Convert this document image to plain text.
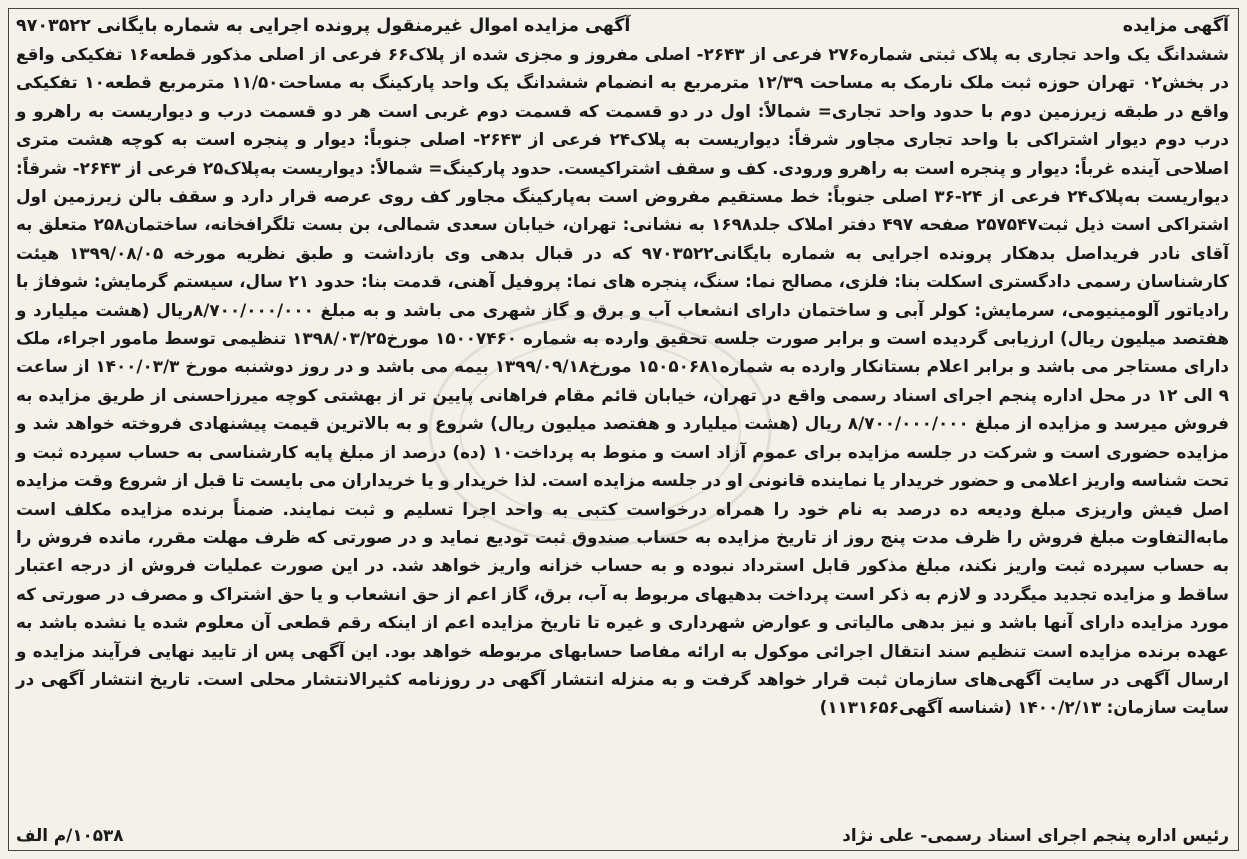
آگهی مزایده
آگهی مزایده اموال غیرمنقول پرونده اجرایی به شماره بایگانی ۹۷۰۳۵۲۲

ششدانگ یک واحد تجاری به پلاک ثبتی شماره۲۷۶ فرعی از ۲۶۴۳- اصلی مفروز و مجزی شده از پلاک۶۶ فرعی از اصلی مذکور قطعه۱۶ تفکیکی واقع در بخش۰۲ تهران حوزه ثبت ملک نارمک به مساحت ۱۲/۳۹ مترمربع به انضمام ششدانگ یک واحد پارکینگ به مساحت۱۱/۵۰ مترمربع قطعه۱۰ تفکیکی واقع در طبقه زیرزمین دوم با حدود واحد تجاری= شمالاً: اول در دو قسمت که قسمت دوم غربی است هر دو قسمت درب و دیواریست به راهرو و درب دوم دیوار اشتراکی با واحد تجاری مجاور شرقاً: دیواریست به پلاک۲۴ فرعی از ۲۶۴۳- اصلی جنوباً: دیوار و پنجره است به کوچه هشت متری اصلاحی آینده غرباً: دیوار و پنجره است به راهرو ورودی. کف و سقف اشتراکیست. حدود پارکینگ= شمالاً: دیواریست به‌پلاک۲۵ فرعی از ۲۶۴۳- شرقاً: دیواریست به‌پلاک۲۴ فرعی از ۲۴-۳۶ اصلی جنوباً: خط مستقیم مفروض است به‌پارکینگ مجاور کف روی عرصه قرار دارد و سقف بالن زیرزمین اول اشتراکی است ذیل ثبت۲۵۷۵۴۷ صفحه ۴۹۷ دفتر املاک جلد۱۶۹۸ به نشانی: تهران، خیابان سعدی شمالی، بن بست تلگرافخانه، ساختمان۲۵۸ متعلق به آقای نادر فریداصل بدهکار پرونده اجرایی به شماره بایگانی۹۷۰۳۵۲۲ که در قبال بدهی وی بازداشت و طبق نظریه مورخه ۱۳۹۹/۰۸/۰۵ هیئت کارشناسان رسمی دادگستری اسکلت بنا: فلزی، مصالح نما: سنگ، پنجره های نما: پروفیل آهنی، قدمت بنا: حدود ۲۱ سال، سیستم گرمایش: شوفاژ با رادیاتور آلومینیومی، سرمایش: کولر آبی و ساختمان دارای انشعاب آب و برق و گاز شهری می باشد و به مبلغ ۸/۷۰۰/۰۰۰/۰۰۰ریال (هشت میلیارد و هفتصد میلیون ریال) ارزیابی گردیده است و برابر صورت جلسه تحقیق وارده به شماره ۱۵۰۰۷۴۶۰ مورخ۱۳۹۸/۰۳/۲۵ تنظیمی توسط مامور اجراء، ملک دارای مستاجر می باشد و برابر اعلام بستانکار وارده به شماره۱۵۰۵۰۶۸۱ مورخ۱۳۹۹/۰۹/۱۸ بیمه می باشد و در روز دوشنبه مورخ ۱۴۰۰/۰۳/۳ از ساعت ۹ الی ۱۲ در محل اداره پنجم اجرای اسناد رسمی واقع در تهران، خیابان قائم مقام فراهانی پایین تر از بهشتی کوچه میرزاحسنی از طریق مزایده به فروش میرسد و مزایده از مبلغ ۸/۷۰۰/۰۰۰/۰۰۰ ریال (هشت میلیارد و هفتصد میلیون ریال) شروع و به بالاترین قیمت پیشنهادی فروخته خواهد شد و مزایده حضوری است و شرکت در جلسه مزایده برای عموم آزاد است و منوط به پرداخت۱۰ (ده) درصد از مبلغ پایه کارشناسی به حساب سپرده ثبت و تحت شناسه واریز اعلامی و حضور خریدار یا نماینده قانونی او در جلسه مزایده است. لذا خریدار و یا خریداران می بایست تا قبل از شروع وقت مزایده اصل فیش واریزی مبلغ ودیعه ده درصد به نام خود را همراه درخواست کتبی به واحد اجرا تسلیم و ثبت نمایند. ضمناً برنده مزایده مکلف است مابه‌التفاوت مبلغ فروش را ظرف مدت پنج روز از تاریخ مزایده به حساب صندوق ثبت تودیع نماید و در صورتی که ظرف مهلت مقرر، مانده فروش را به حساب سپرده ثبت واریز نکند، مبلغ مذکور قابل استرداد نبوده و به حساب خزانه واریز خواهد شد. در این صورت عملیات فروش از درجه اعتبار ساقط و مزایده تجدید میگردد و لازم به ذکر است پرداخت بدهیهای مربوط به آب، برق، گاز اعم از حق انشعاب و یا حق اشتراک و مصرف در صورتی که مورد مزایده دارای آنها باشد و نیز بدهی مالیاتی و عوارض شهرداری و غیره تا تاریخ مزایده اعم از اینکه رقم قطعی آن معلوم شده یا نشده باشد به عهده برنده مزایده است تنظیم سند انتقال اجرائی موکول به ارائه مفاصا حسابهای مربوطه خواهد بود. این آگهی پس از تایید نهایی فرآیند مزایده و ارسال آگهی در سایت آگهی‌های سازمان ثبت قرار خواهد گرفت و به منزله انتشار آگهی در روزنامه کثیرالانتشار محلی است. تاریخ انتشار آگهی در سایت سازمان: ۱۴۰۰/۲/۱۳ (شناسه آگهی۱۱۳۱۶۵۶)

رئیس اداره پنجم اجرای اسناد رسمی- علی نژاد
۱۰۵۳۸/م الف
